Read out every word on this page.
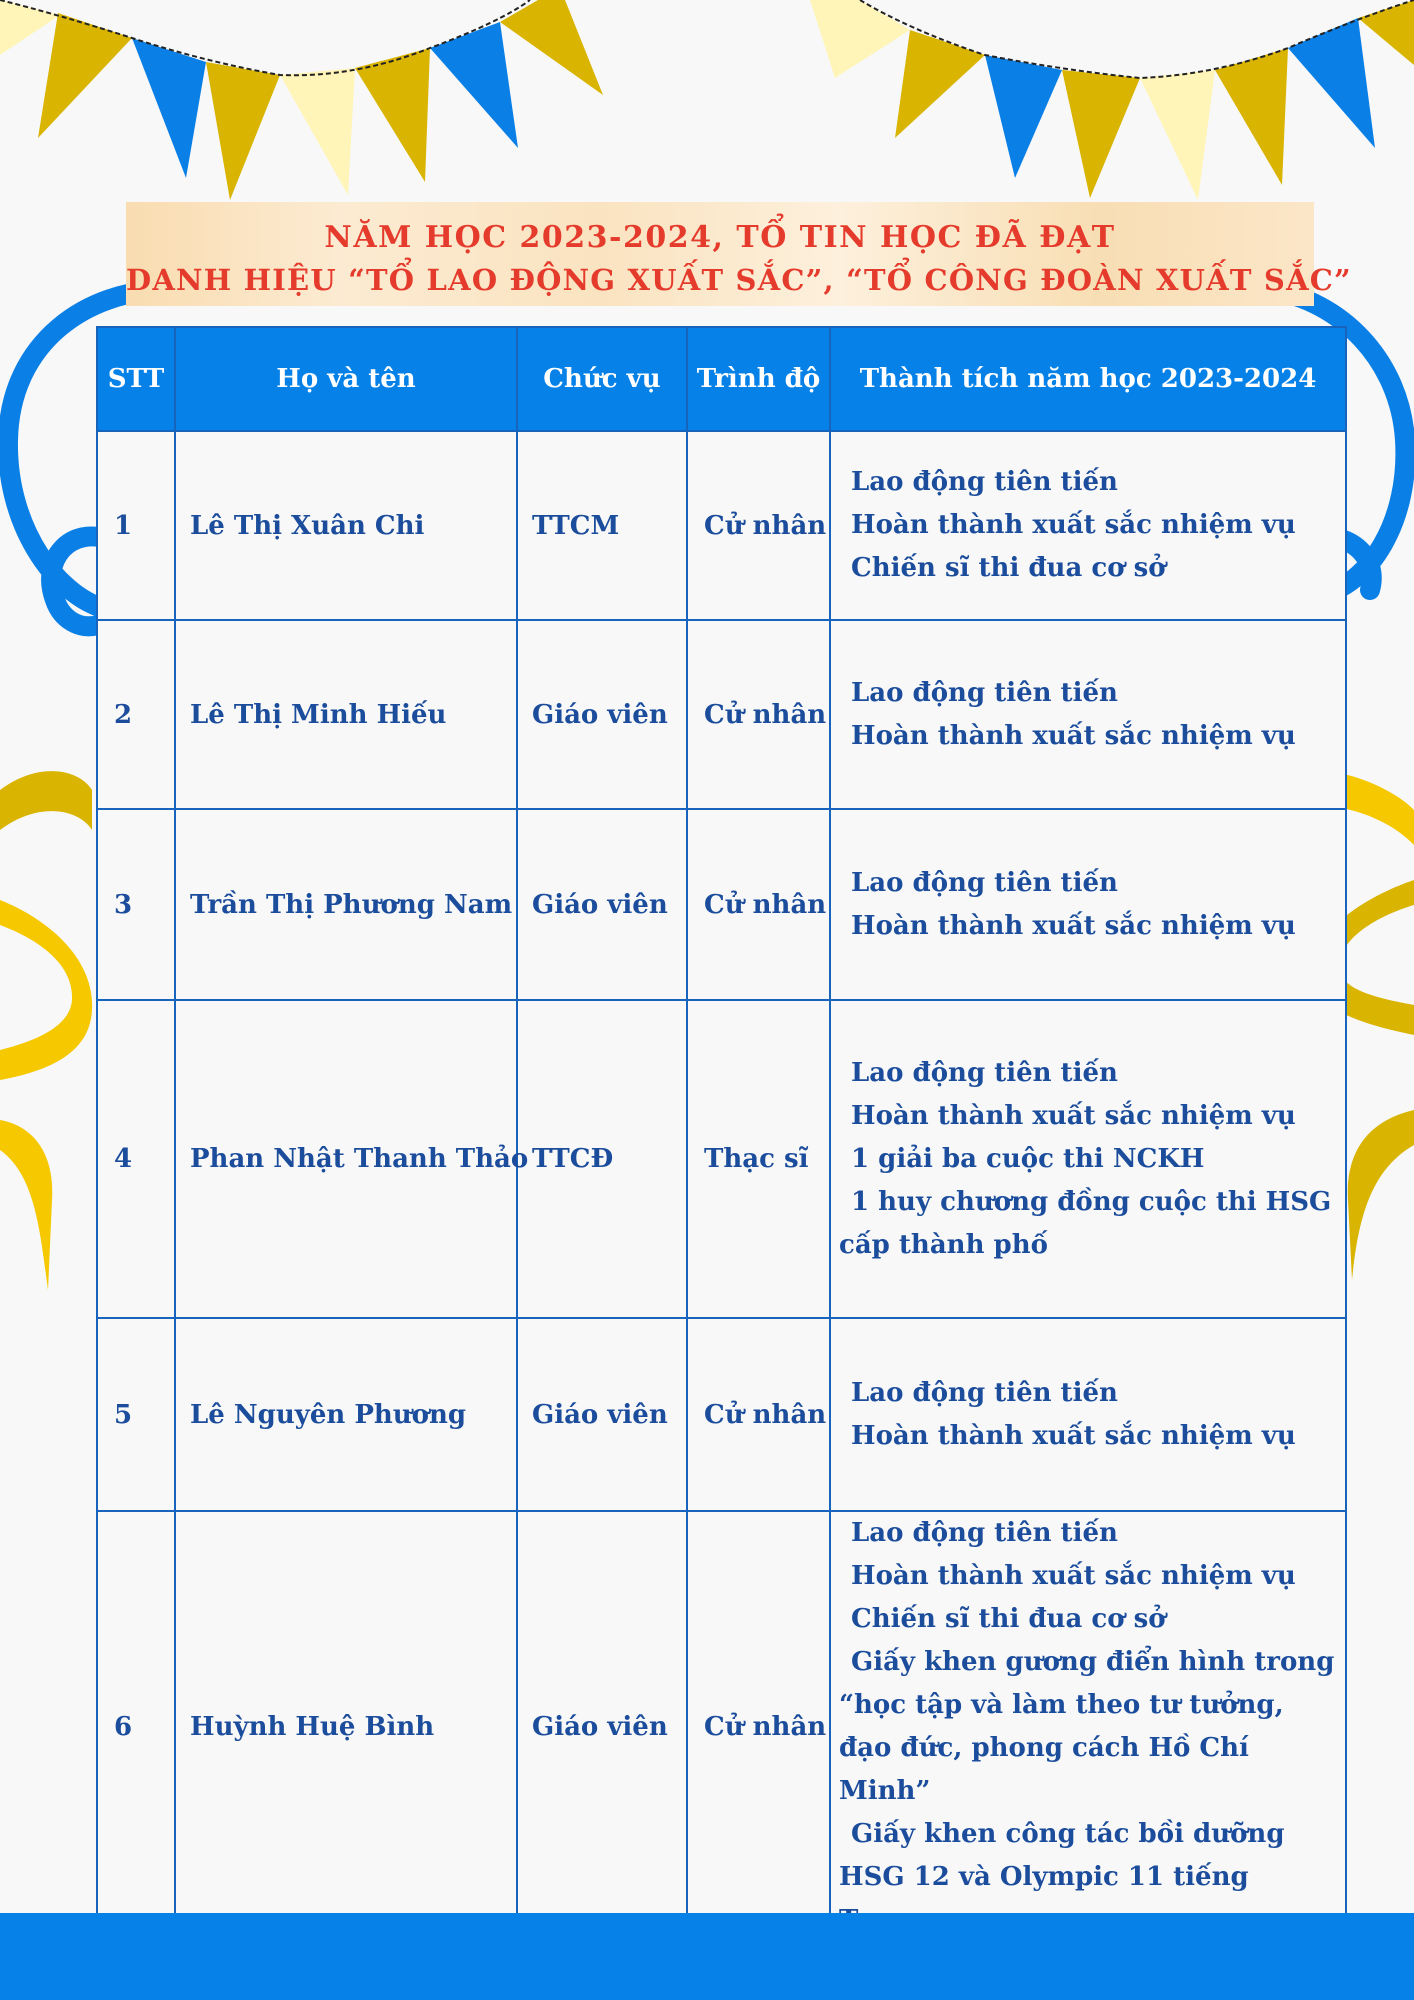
NĂM HỌC 2023-2024, TỔ TIN HỌC ĐÃ ĐẠT
DANH HIỆU “TỔ LAO ĐỘNG XUẤT SẮC”, “TỔ CÔNG ĐOÀN XUẤT SẮC”
STT	Họ và tên	Chức vụ	Trình độ	Thành tích năm học 2023-2024
1	Lê Thị Xuân Chi	TTCM	Cử nhân	Lao động tiên tiến
Hoàn thành xuất sắc nhiệm vụ
Chiến sĩ thi đua cơ sở

2	Lê Thị Minh Hiếu	Giáo viên	Cử nhân	Lao động tiên tiến
Hoàn thành xuất sắc nhiệm vụ

3	Trần Thị Phương Nam	Giáo viên	Cử nhân	Lao động tiên tiến
Hoàn thành xuất sắc nhiệm vụ

4	Phan Nhật Thanh Thảo	TTCĐ	Thạc sĩ	Lao động tiên tiến
Hoàn thành xuất sắc nhiệm vụ
1 giải ba cuộc thi NCKH
1 huy chương đồng cuộc thi HSG cấp thành phố

5	Lê Nguyên Phương	Giáo viên	Cử nhân	Lao động tiên tiến
Hoàn thành xuất sắc nhiệm vụ

6	Huỳnh Huệ Bình	Giáo viên	Cử nhân	Lao động tiên tiến
Hoàn thành xuất sắc nhiệm vụ
Chiến sĩ thi đua cơ sở
Giấy khen gương điển hình trong “học tập và làm theo tư tưởng, đạo đức, phong cách Hồ Chí Minh”
Giấy khen công tác bồi dưỡng HSG 12 và Olympic 11 tiếng
